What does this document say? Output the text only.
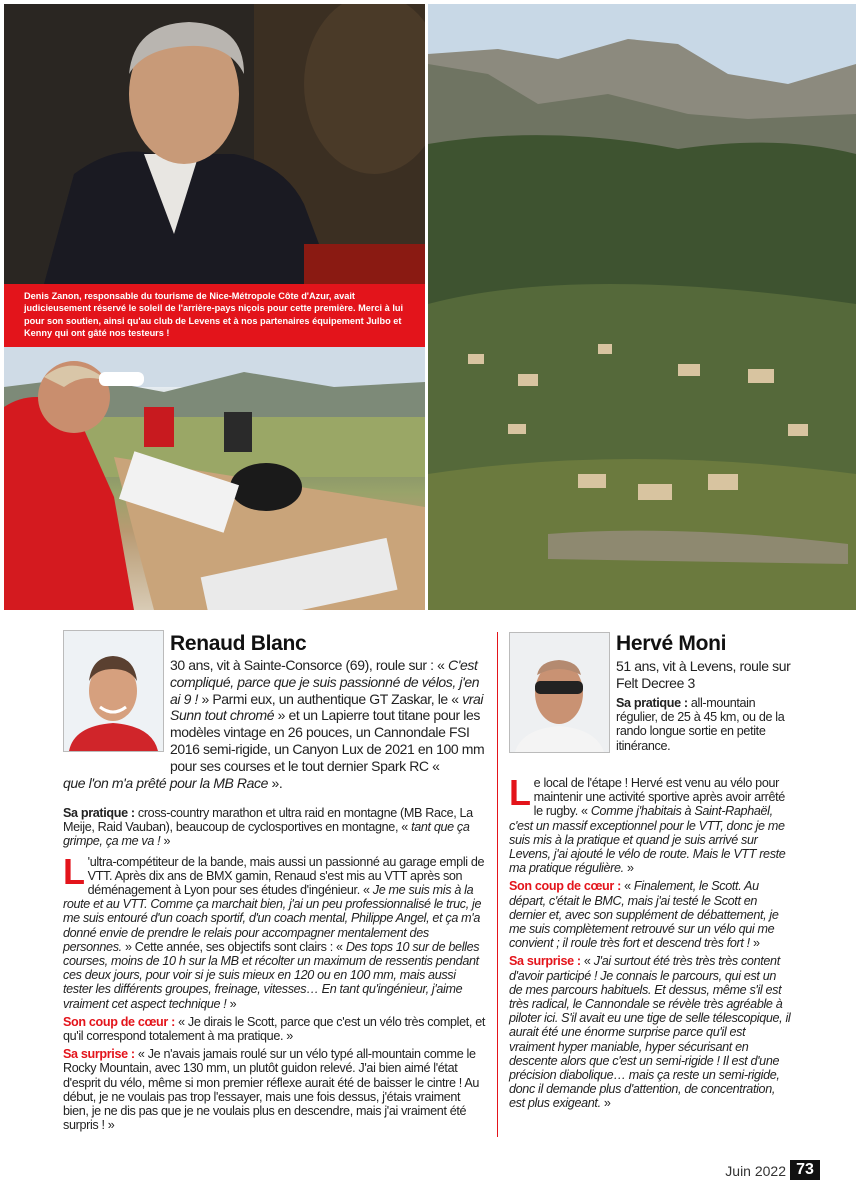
Denis Zanon, responsable du tourisme de Nice-Métropole Côte d'Azur, avait judicieusement réservé le soleil de l'arrière-pays niçois pour cette première. Merci à lui pour son soutien, ainsi qu'au club de Levens et à nos partenaires équipement Julbo et Kenny qui ont gâté nos testeurs !
Renaud Blanc

30 ans, vit à Sainte-Consorce (69), roule sur : « C'est compliqué, parce que je suis passionné de vélos, j'en ai 9 ! » Parmi eux, un authentique GT Zaskar, le « vrai Sunn tout chromé » et un Lapierre tout titane pour les modèles vintage en 26 pouces, un Cannondale FSI 2016 semi-rigide, un Canyon Lux de 2021 en 100 mm pour ses courses et le tout dernier Spark RC «

que l'on m'a prêté pour la MB Race ».

Sa pratique : cross-country marathon et ultra raid en montagne (MB Race, La Meije, Raid Vauban), beaucoup de cyclosportives en montagne, « tant que ça grimpe, ça me va ! »

L 'ultra-compétiteur de la bande, mais aussi un passionné au garage empli de VTT. Après dix ans de BMX gamin, Renaud s'est mis au VTT après son déménagement à Lyon pour ses études d'ingénieur. « Je me suis mis à la route et au VTT. Comme ça marchait bien, j'ai un peu professionnalisé le truc, je me suis entouré d'un coach sportif, d'un coach mental, Philippe Angel, et ça m'a donné envie de prendre le relais pour accompagner mentalement des personnes. » Cette année, ses objectifs sont clairs : « Des tops 10 sur de belles courses, moins de 10 h sur la MB et récolter un maximum de ressentis pendant ces deux jours, pour voir si je suis mieux en 120 ou en 100 mm, mais aussi tester les différents groupes, freinage, vitesses… En tant qu'ingénieur, j'aime vraiment cet aspect technique ! »

Son coup de cœur : « Je dirais le Scott, parce que c'est un vélo très complet, et qu'il correspond totalement à ma pratique. »

Sa surprise : « Je n'avais jamais roulé sur un vélo typé all-mountain comme le Rocky Mountain, avec 130 mm, un plutôt guidon relevé. J'ai bien aimé l'état d'esprit du vélo, même si mon premier réflexe aurait été de baisser le cintre ! Au début, je ne voulais pas trop l'essayer, mais une fois dessus, j'étais vraiment bien, je ne dis pas que je ne voulais plus en descendre, mais j'ai vraiment été surpris ! »

Hervé Moni

51 ans, vit à Levens, roule sur Felt Decree 3

Sa pratique : all-mountain régulier, de 25 à 45 km, ou de la rando longue sortie en petite itinérance.

Le local de l'étape ! Hervé est venu au vélo pour maintenir une activité sportive après avoir arrêté le rugby. « Comme j'habitais à Saint-Raphaël, c'est un massif exceptionnel pour le VTT, donc je me suis mis à la pratique et quand je suis arrivé sur Levens, j'ai ajouté le vélo de route. Mais le VTT reste ma pratique régulière. »

Son coup de cœur : « Finalement, le Scott. Au départ, c'était le BMC, mais j'ai testé le Scott en dernier et, avec son supplément de débattement, je me suis complètement retrouvé sur un vélo qui me convient ; il roule très fort et descend très fort ! »

Sa surprise : « J'ai surtout été très très très content d'avoir participé ! Je connais le parcours, qui est un de mes parcours habituels. Et dessus, même s'il est très radical, le Cannondale se révèle très agréable à piloter ici. S'il avait eu une tige de selle télescopique, il aurait été une énorme surprise parce qu'il est vraiment hyper maniable, hyper sécurisant en descente alors que c'est un semi-rigide ! Il est d'une précision diabolique… mais ça reste un semi-rigide, donc il demande plus d'attention, de concentration, est plus exigeant. »

Juin 2022 73
